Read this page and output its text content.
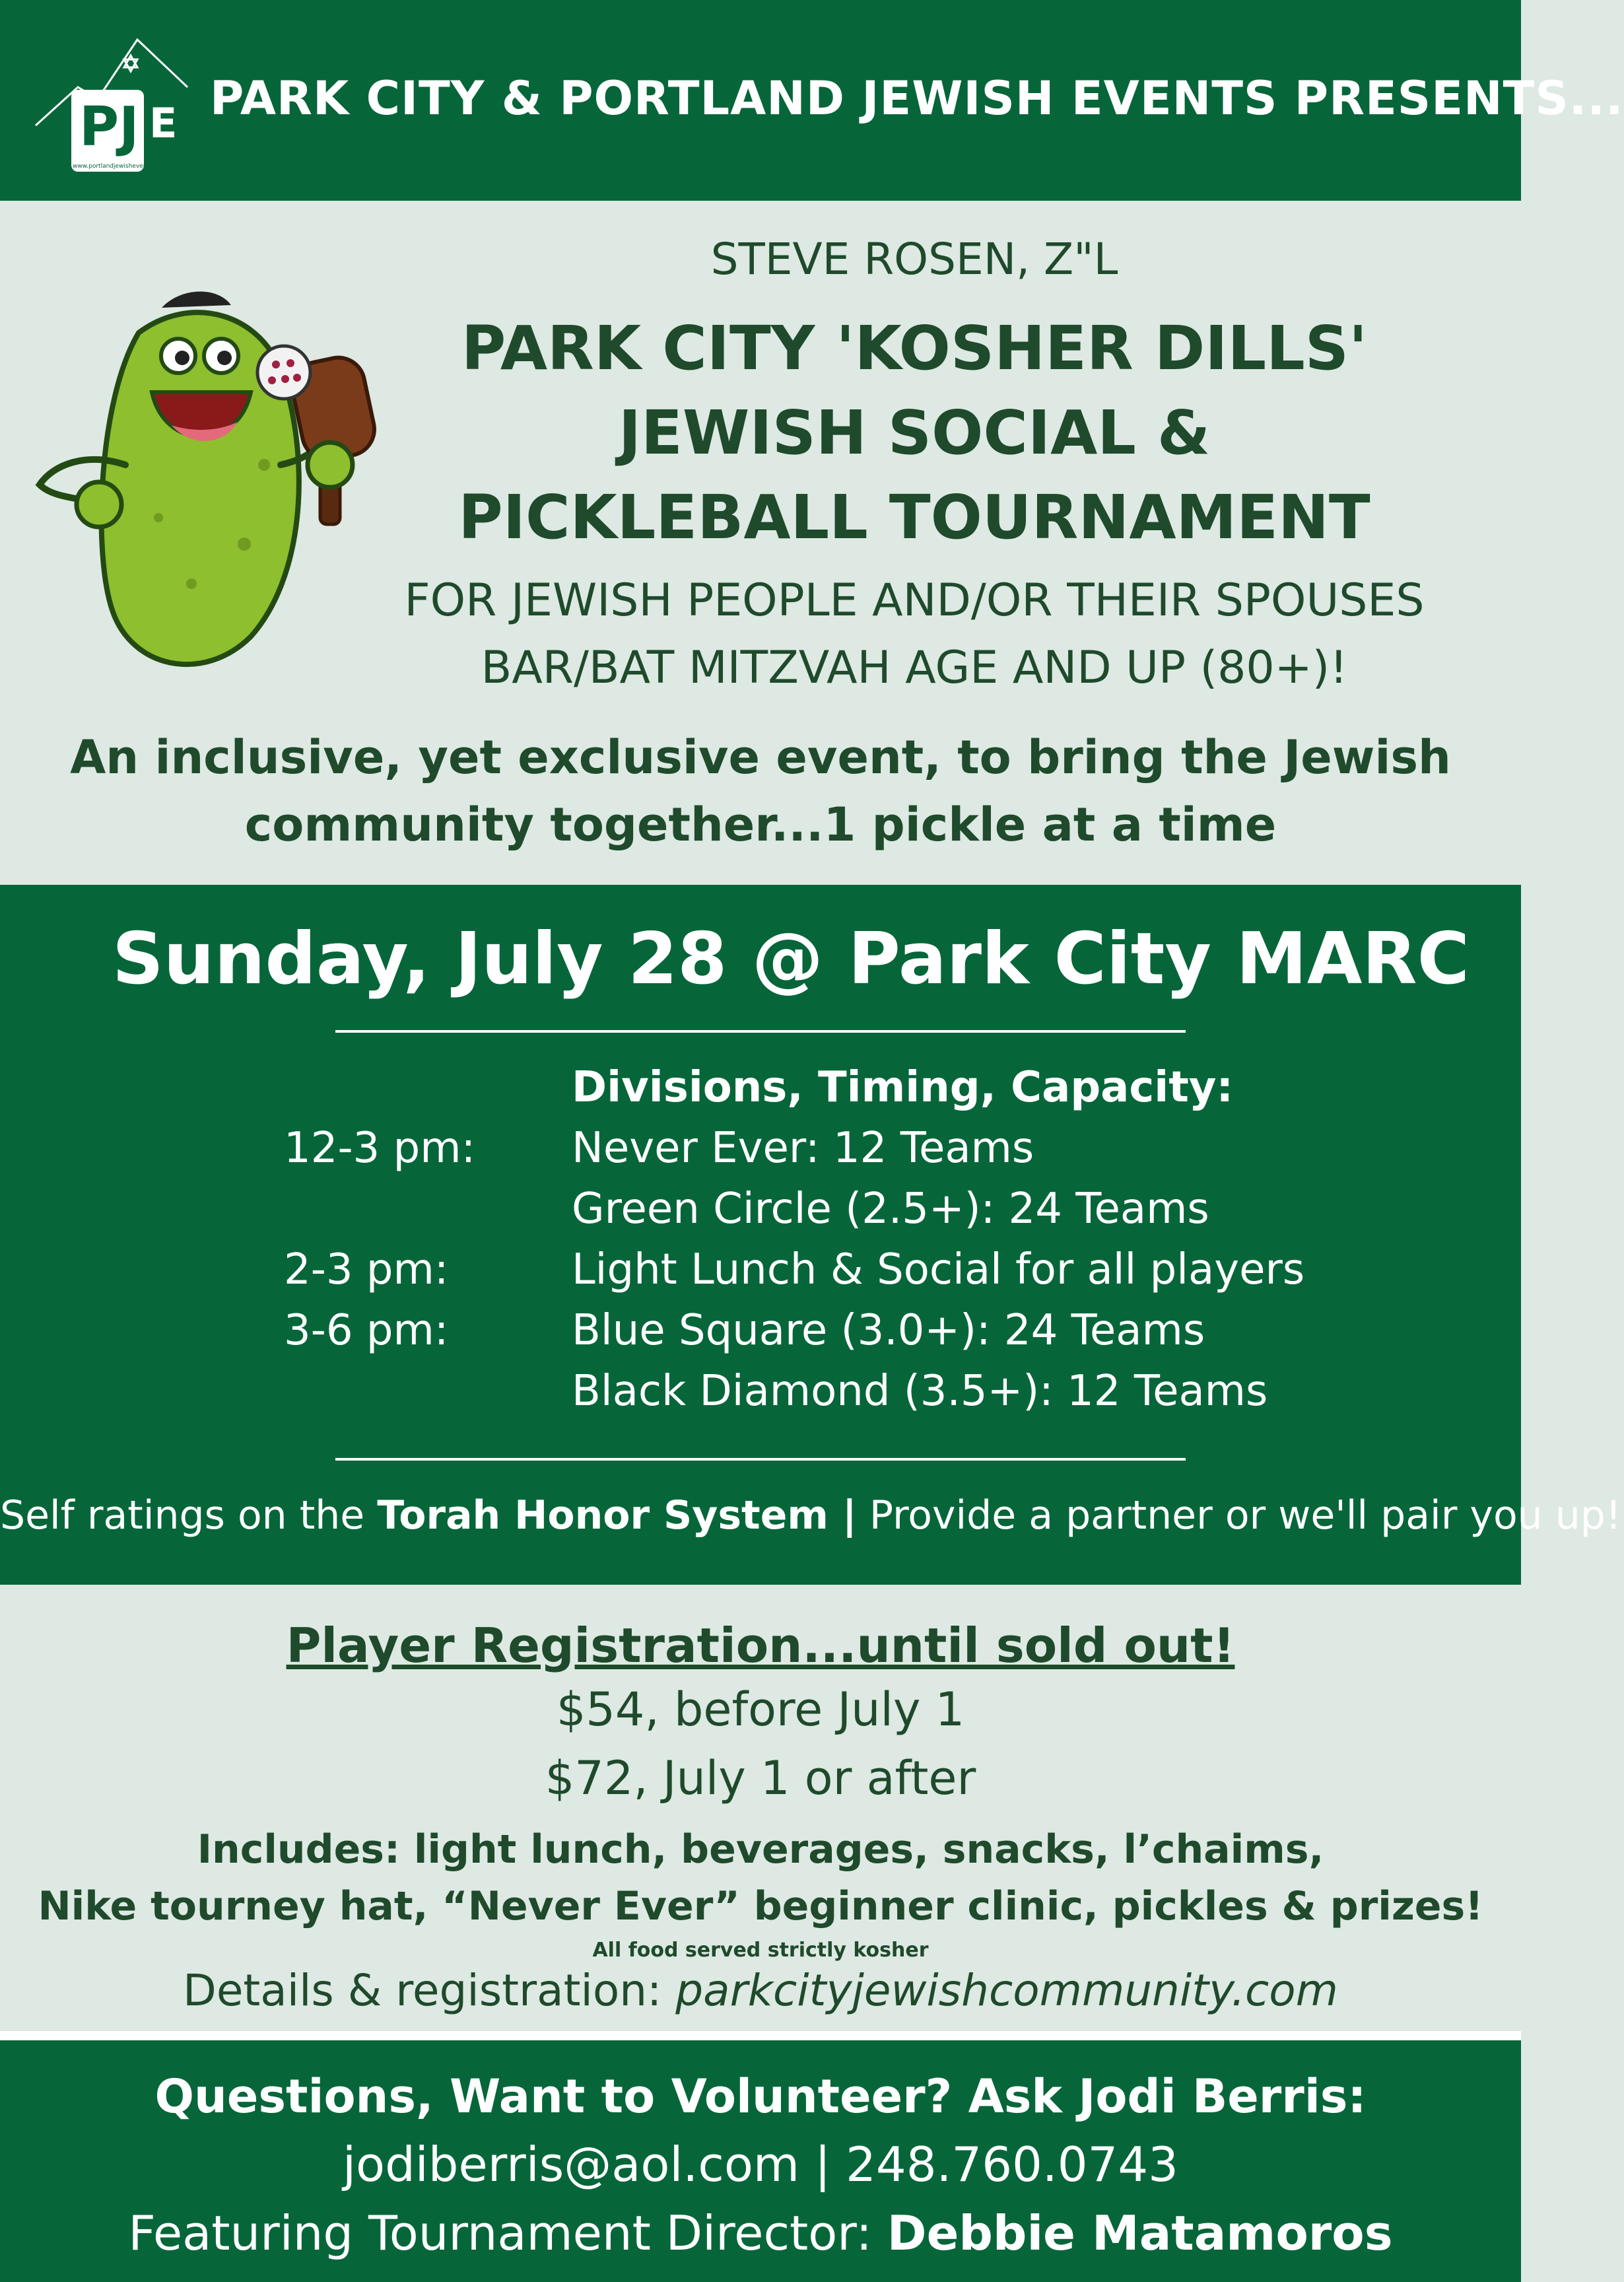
PJ E
www.portlandjewishevents.com
PARK CITY & PORTLAND JEWISH EVENTS PRESENTS...
STEVE ROSEN, Z"L
PARK CITY 'KOSHER DILLS'
JEWISH SOCIAL &
PICKLEBALL TOURNAMENT
FOR JEWISH PEOPLE AND/OR THEIR SPOUSES
BAR/BAT MITZVAH AGE AND UP (80+)!
An inclusive, yet exclusive event, to bring the Jewish
community together...1 pickle at a time
Sunday, July 28 @ Park City MARC
Divisions, Timing, Capacity:
12-3 pm: Never Ever: 12 Teams
Green Circle (2.5+): 24 Teams
2-3 pm:	Light Lunch & Social for all players
3-6 pm:	Blue Square (3.0+): 24 Teams
Black Diamond (3.5+): 12 Teams
Self ratings on the Torah Honor System | Provide a partner or we'll pair you up!
Player Registration...until sold out!
$54, before July 1
$72, July 1 or after
Includes: light lunch, beverages, snacks, l’chaims,
Nike tourney hat, “Never Ever” beginner clinic, pickles & prizes!
All food served strictly kosher
Details & registration: parkcityjewishcommunity.com
Questions, Want to Volunteer? Ask Jodi Berris:
jodiberris@aol.com | 248.760.0743
Featuring Tournament Director: Debbie Matamoros
